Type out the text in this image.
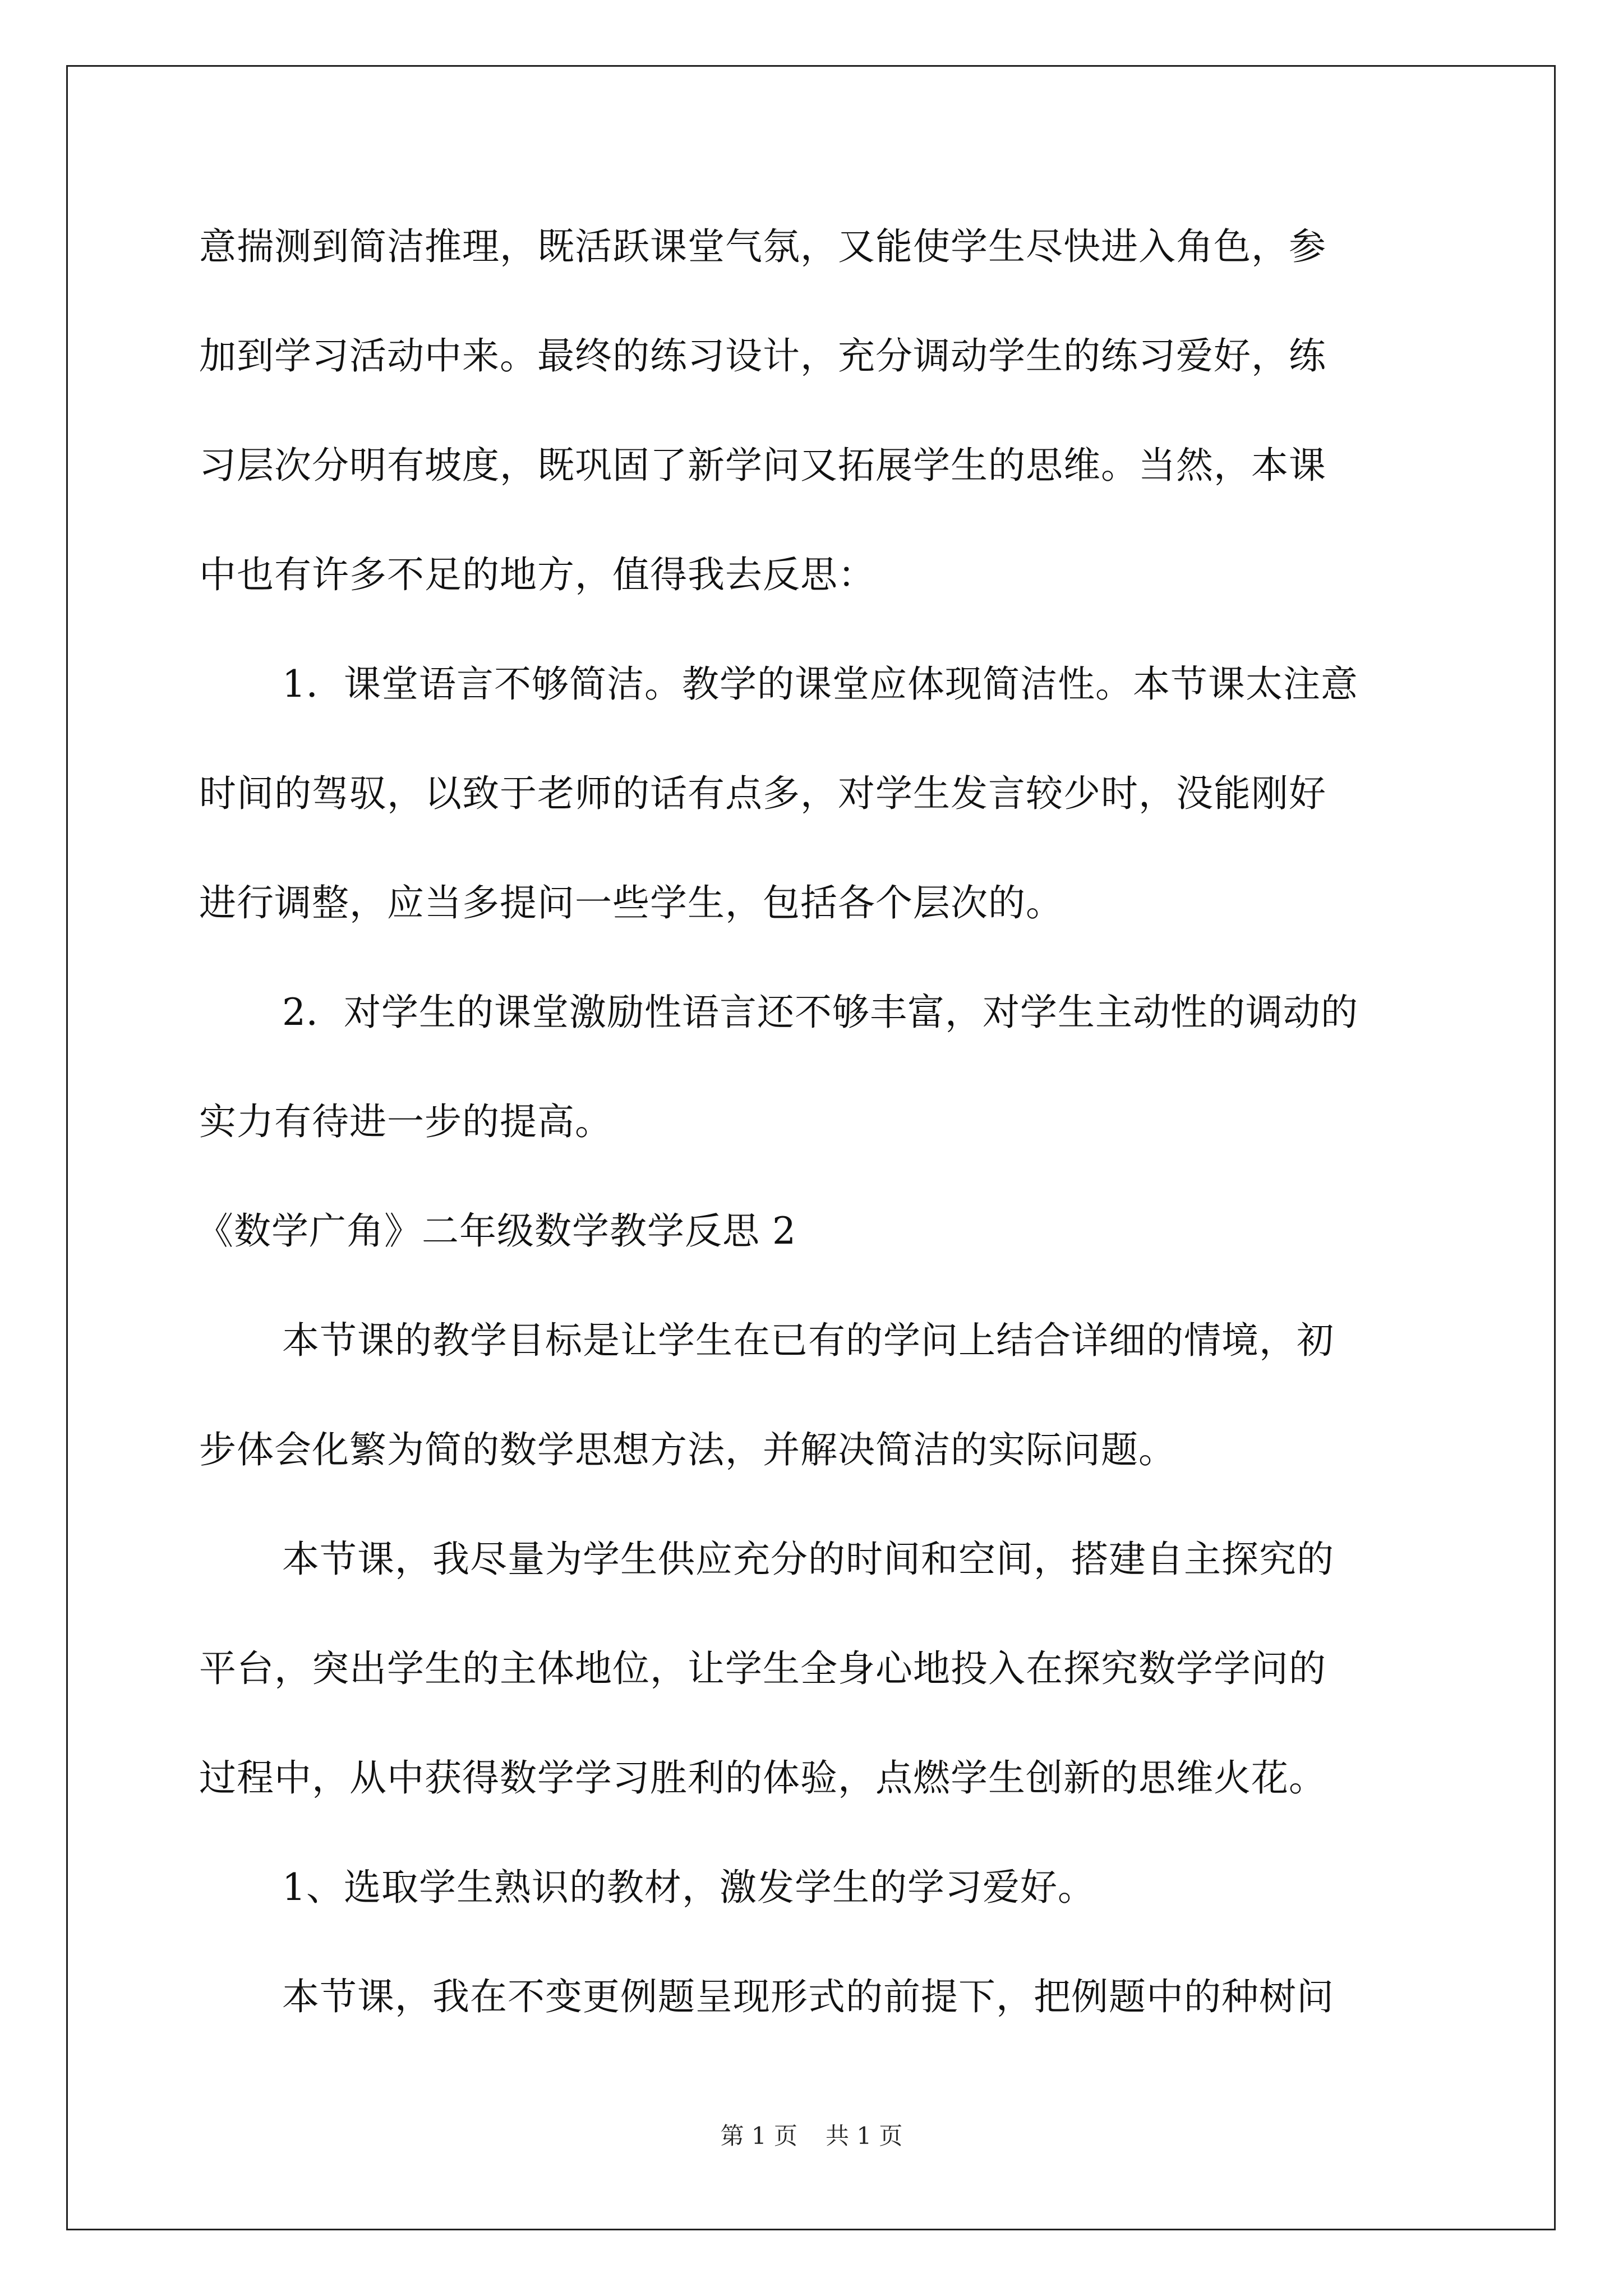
意揣测到简洁推理，既活跃课堂气氛，又能使学生尽快进入角色，参
加到学习活动中来。最终的练习设计，充分调动学生的练习爱好，练
习层次分明有坡度，既巩固了新学问又拓展学生的思维。当然，本课
中也有许多不足的地方，值得我去反思：
1．课堂语言不够简洁。教学的课堂应体现简洁性。本节课太注意
时间的驾驭，以致于老师的话有点多，对学生发言较少时，没能刚好
进行调整，应当多提问一些学生，包括各个层次的。
2．对学生的课堂激励性语言还不够丰富，对学生主动性的调动的
实力有待进一步的提高。
《数学广角》二年级数学教学反思 2
本节课的教学目标是让学生在已有的学问上结合详细的情境，初
步体会化繁为简的数学思想方法，并解决简洁的实际问题。
本节课，我尽量为学生供应充分的时间和空间，搭建自主探究的
平台，突出学生的主体地位，让学生全身心地投入在探究数学学问的
过程中，从中获得数学学习胜利的体验，点燃学生创新的思维火花。
1、选取学生熟识的教材，激发学生的学习爱好。
本节课，我在不变更例题呈现形式的前提下，把例题中的种树问
第 1 页 共 1 页
